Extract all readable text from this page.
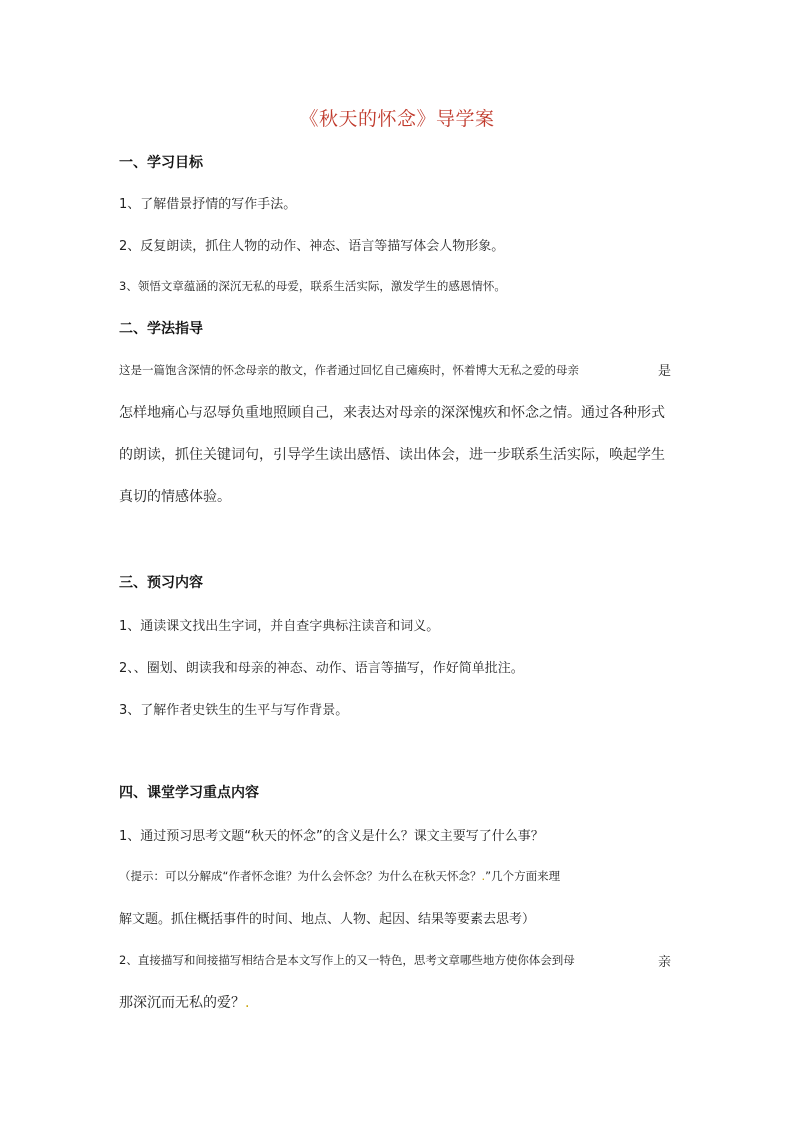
《秋天的怀念》导学案
一、学习目标
1、了解借景抒情的写作手法。
2、反复朗读，抓住人物的动作、神态、语言等描写体会人物形象。
3、领悟文章蕴涵的深沉无私的母爱，联系生活实际，激发学生的感恩情怀。
二、学法指导
这是一篇饱含深情的怀念母亲的散文，作者通过回忆自己瘫痪时，怀着博大无私之爱的母亲	是
怎样地痛心与忍辱负重地照顾自己，来表达对母亲的深深愧疚和怀念之情。通过各种形式
的朗读，抓住关键词句，引导学生读出感悟、读出体会，进一步联系生活实际，唤起学生
真切的情感体验。
三、预习内容
1、通读课文找出生字词，并自查字典标注读音和词义。
2、、圈划、朗读我和母亲的神态、动作、语言等描写，作好简单批注。
3、了解作者史铁生的生平与写作背景。
四、课堂学习重点内容
1、通过预习思考文题“秋天的怀念”的含义是什么？课文主要写了什么事？
（提示：可以分解成“作者怀念谁？为什么会怀念？为什么在秋天怀念？.”几个方面来理
解文题。抓住概括事件的时间、地点、人物、起因、结果等要素去思考）
2、直接描写和间接描写相结合是本文写作上的又一特色，思考文章哪些地方使你体会到母	亲
那深沉而无私的爱？.
